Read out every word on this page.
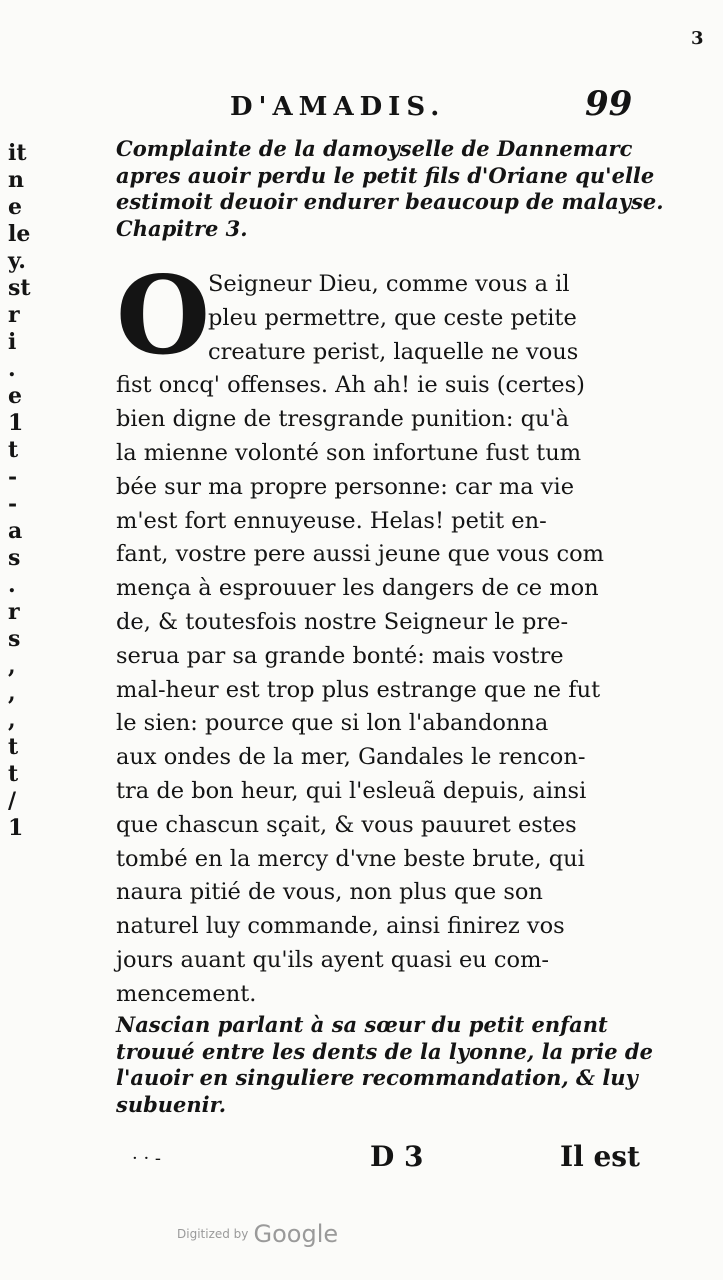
3
it
n
e
le
y.
st
r
i
.
e
1
t
-
-
a
s
.
r
s
,
,
,
t
t
/
1
D'AMADIS.	99
Complainte de la damoyselle de Dannemarc
apres auoir perdu le petit fils d'Oriane qu'elle
estimoit deuoir endurer beaucoup de malayse.
Chapitre 3.
O
Seigneur Dieu, comme vous a il
pleu permettre, que ceste petite
creature perist, laquelle ne vous
fist oncq' offenses. Ah ah! ie suis (certes)
bien digne de tresgrande punition: qu'à
la mienne volonté son infortune fust tum
bée sur ma propre personne: car ma vie
m'est fort ennuyeuse. Helas! petit en-
fant, vostre pere aussi jeune que vous com
mença à esprouuer les dangers de ce mon
de, & toutesfois nostre Seigneur le pre-
serua par sa grande bonté: mais vostre
mal-heur est trop plus estrange que ne fut
le sien: pource que si lon l'abandonna
aux ondes de la mer, Gandales le rencon-
tra de bon heur, qui l'esleuã depuis, ainsi
que chascun sçait, & vous pauuret estes
tombé en la mercy d'vne beste brute, qui
naura pitié de vous, non plus que son
naturel luy commande, ainsi finirez vos
jours auant qu'ils ayent quasi eu com-
mencement.
Nascian parlant à sa sœur du petit enfant
trouué entre les dents de la lyonne, la prie de
l'auoir en singuliere recommandation, & luy
subuenir.
· · -	D 3	Il est
Digitized by Google
